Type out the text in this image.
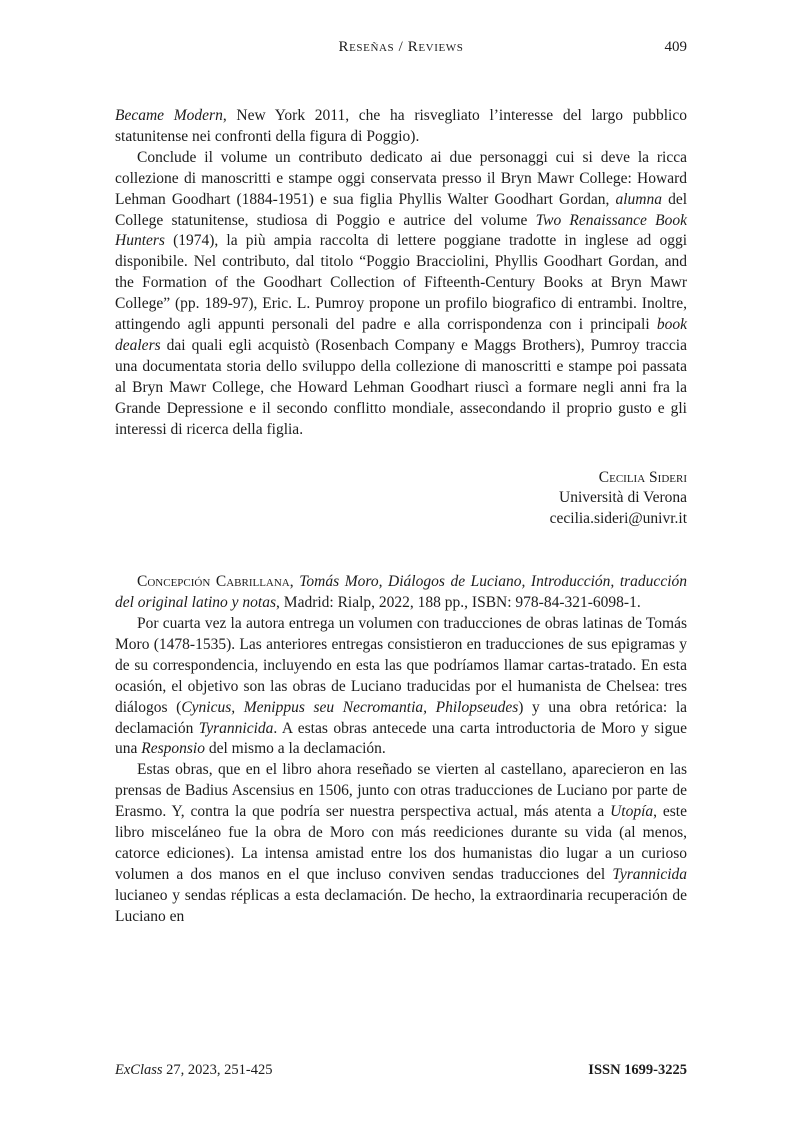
Reseñas / Reviews	409

Became Modern, New York 2011, che ha risvegliato l’interesse del largo pubblico statunitense nei confronti della figura di Poggio).

Conclude il volume un contributo dedicato ai due personaggi cui si deve la ricca collezione di manoscritti e stampe oggi conservata presso il Bryn Mawr College: Howard Lehman Goodhart (1884-1951) e sua figlia Phyllis Walter Goodhart Gordan, alumna del College statunitense, studiosa di Poggio e autrice del volume Two Renaissance Book Hunters (1974), la più ampia raccolta di lettere poggiane tradotte in inglese ad oggi disponibile. Nel contributo, dal titolo “Poggio Bracciolini, Phyllis Goodhart Gordan, and the Formation of the Goodhart Collection of Fifteenth-Century Books at Bryn Mawr College” (pp. 189-97), Eric. L. Pumroy propone un profilo biografico di entrambi. Inoltre, attingendo agli appunti personali del padre e alla corrispondenza con i principali book dealers dai quali egli acquistò (Rosenbach Company e Maggs Brothers), Pumroy traccia una documentata storia dello sviluppo della collezione di manoscritti e stampe poi passata al Bryn Mawr College, che Howard Lehman Goodhart riuscì a formare negli anni fra la Grande Depressione e il secondo conflitto mondiale, assecondando il proprio gusto e gli interessi di ricerca della figlia.

Cecilia Sideri
Università di Verona
cecilia.sideri@univr.it

Concepción Cabrillana, Tomás Moro, Diálogos de Luciano, Introducción, traducción del original latino y notas, Madrid: Rialp, 2022, 188 pp., ISBN: 978-84-321-6098-1.

Por cuarta vez la autora entrega un volumen con traducciones de obras latinas de Tomás Moro (1478-1535). Las anteriores entregas consistieron en traducciones de sus epigramas y de su correspondencia, incluyendo en esta las que podríamos llamar cartas-tratado. En esta ocasión, el objetivo son las obras de Luciano traducidas por el humanista de Chelsea: tres diálogos (Cynicus, Menippus seu Necromantia, Philopseudes) y una obra retórica: la declamación Tyrannicida. A estas obras antecede una carta introductoria de Moro y sigue una Responsio del mismo a la declamación.

Estas obras, que en el libro ahora reseñado se vierten al castellano, aparecieron en las prensas de Badius Ascensius en 1506, junto con otras traducciones de Luciano por parte de Erasmo. Y, contra la que podría ser nuestra perspectiva actual, más atenta a Utopía, este libro misceláneo fue la obra de Moro con más reediciones durante su vida (al menos, catorce ediciones). La intensa amistad entre los dos humanistas dio lugar a un curioso volumen a dos manos en el que incluso conviven sendas traducciones del Tyrannicida lucianeo y sendas réplicas a esta declamación. De hecho, la extraordinaria recuperación de Luciano en

ExClass 27, 2023, 251-425	ISSN 1699-3225
